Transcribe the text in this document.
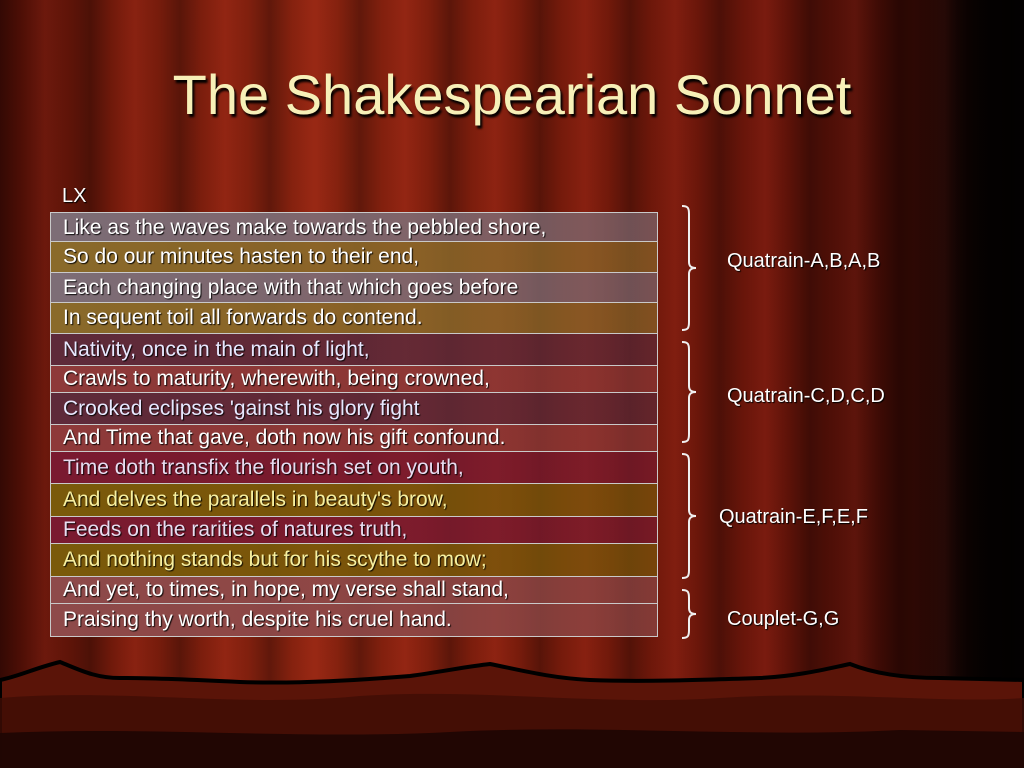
The Shakespearian Sonnet
LX
Like as the waves make towards the pebbled shore,
So do our minutes hasten to their end,
Each changing place with that which goes before
In sequent toil all forwards do contend.
Nativity, once in the main of light,
Crawls to maturity, wherewith, being crowned,
Crooked eclipses 'gainst his glory fight
And Time that gave, doth now his gift confound.
Time doth transfix the flourish set on youth,
And delves the parallels in beauty's brow,
Feeds on the rarities of natures truth,
And nothing stands but for his scythe to mow;
And yet, to times, in hope, my verse shall stand,
Praising thy worth, despite his cruel hand.
Quatrain-A,B,A,B
Quatrain-C,D,C,D
Quatrain-E,F,E,F
Couplet-G,G
